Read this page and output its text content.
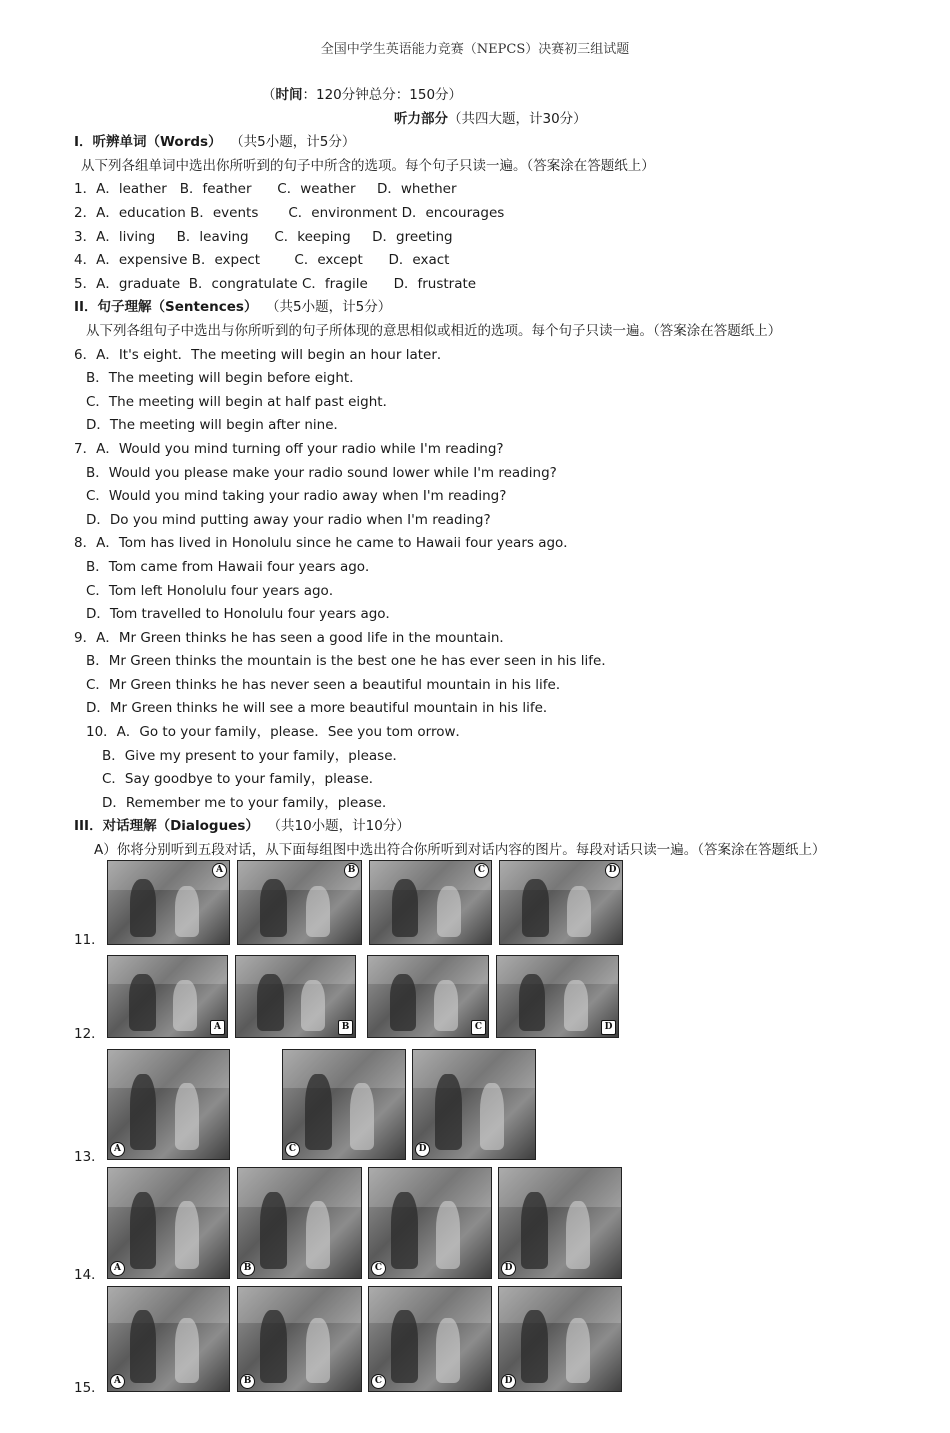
全国中学生英语能力竞赛（NEPCS）决赛初三组试题
（时间：120分钟总分：150分）
听力部分（共四大题，计30分）
I．听辨单词（Words） （共5小题，计5分）
从下列各组单词中选出你所听到的句子中所含的选项。每个句子只读一遍。（答案涂在答题纸上）
1．A．leather   B．feather      C．weather     D．whether
2．A．education B．events       C．environment D．encourages
3．A．living     B．leaving      C．keeping     D．greeting
4．A．expensive B．expect        C．except      D．exact
5．A．graduate  B．congratulate C．fragile      D．frustrate
II．句子理解（Sentences） （共5小题，计5分）
从下列各组句子中选出与你所听到的句子所体现的意思相似或相近的选项。每个句子只读一遍。（答案涂在答题纸上）
6．A．It's eight．The meeting will begin an hour later．
B．The meeting will begin before eight．
C．The meeting will begin at half past eight．
D．The meeting will begin after nine．
7．A．Would you mind turning off your radio while I'm reading?
B．Would you please make your radio sound lower while I'm reading?
C．Would you mind taking your radio away when I'm reading?
D．Do you mind putting away your radio when I'm reading?
8．A．Tom has lived in Honolulu since he came to Hawaii four years ago．
B．Tom came from Hawaii four years ago．
C．Tom left Honolulu four years ago．
D．Tom travelled to Honolulu four years ago．
9．A．Mr Green thinks he has seen a good life in the mountain．
B．Mr Green thinks the mountain is the best one he has ever seen in his life．
C．Mr Green thinks he has never seen a beautiful mountain in his life．
D．Mr Green thinks he will see a more beautiful mountain in his life．
10．A．Go to your family，please．See you tom orrow．
B．Give my present to your family，please．
C．Say goodbye to your family，please．
D．Remember me to your family，please．
III．对话理解（Dialogues） （共10小题，计10分）
A）你将分别听到五段对话，从下面每组图中选出符合你所听到对话内容的图片。每段对话只读一遍。（答案涂在答题纸上）
11．
A	B	C	D
12．	A	B	C	D
13．	A	C	D
14．	A	B	C	D
15．	A	B	C	D
